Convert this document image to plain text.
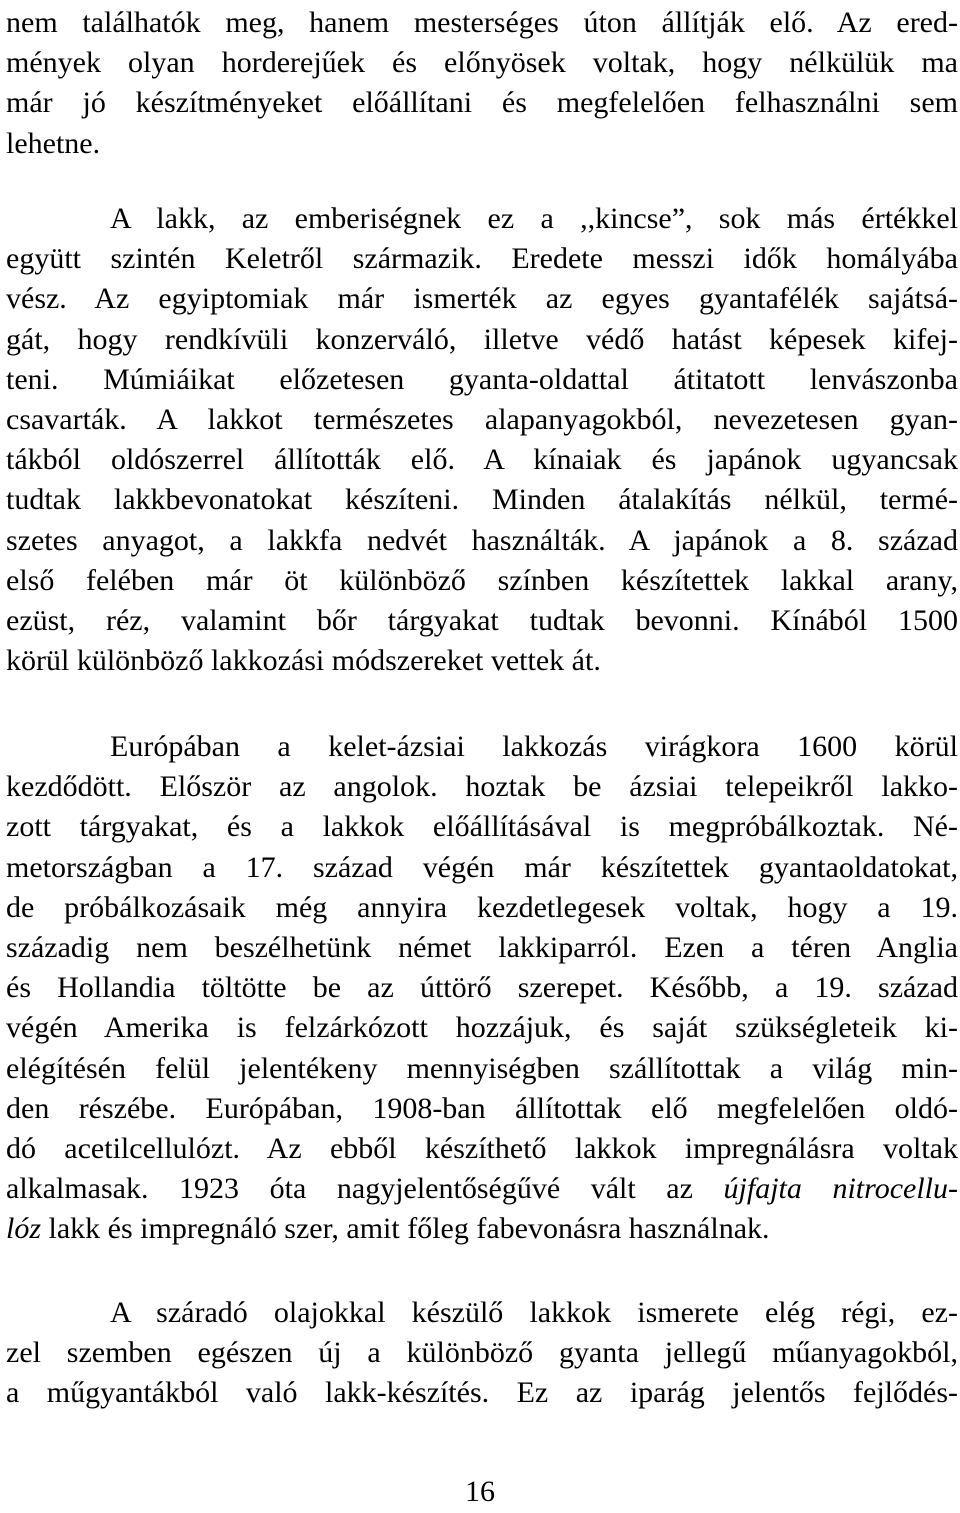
nem találhatók meg, hanem mesterséges úton állítják elő. Az ered-
mények olyan horderejűek és előnyösek voltak, hogy nélkülük ma
már jó készítményeket előállítani és megfelelően felhasználni sem
lehetne.
A lakk, az emberiségnek ez a ,,kincse”, sok más értékkel
együtt szintén Keletről származik. Eredete messzi idők homályába
vész. Az egyiptomiak már ismerték az egyes gyantafélék sajátsá-
gát, hogy rendkívüli konzerváló, illetve védő hatást képesek kifej-
teni. Múmiáikat előzetesen gyanta-oldattal átitatott lenvászonba
csavarták. A lakkot természetes alapanyagokból, nevezetesen gyan-
tákból oldószerrel állították elő. A kínaiak és japánok ugyancsak
tudtak lakkbevonatokat készíteni. Minden átalakítás nélkül, termé-
szetes anyagot, a lakkfa nedvét használták. A japánok a 8. század
első felében már öt különböző színben készítettek lakkal arany,
ezüst, réz, valamint bőr tárgyakat tudtak bevonni. Kínából 1500
körül különböző lakkozási módszereket vettek át.
Európában a kelet-ázsiai lakkozás virágkora 1600 körül
kezdődött. Először az angolok. hoztak be ázsiai telepeikről lakko-
zott tárgyakat, és a lakkok előállításával is megpróbálkoztak. Né-
metországban a 17. század végén már készítettek gyantaoldatokat,
de próbálkozásaik még annyira kezdetlegesek voltak, hogy a 19.
századig nem beszélhetünk német lakkiparról. Ezen a téren Anglia
és Hollandia töltötte be az úttörő szerepet. Később, a 19. század
végén Amerika is felzárkózott hozzájuk, és saját szükségleteik ki-
elégítésén felül jelentékeny mennyiségben szállítottak a világ min-
den részébe. Európában, 1908-ban állítottak elő megfelelően oldó-
dó acetilcellulózt. Az ebből készíthető lakkok impregnálásra voltak
alkalmasak. 1923 óta nagyjelentőségűvé vált az újfajta nitrocellu-
lóz lakk és impregnáló szer, amit főleg fabevonásra használnak.
A száradó olajokkal készülő lakkok ismerete elég régi, ez-
zel szemben egészen új a különböző gyanta jellegű műanyagokból,
a műgyantákból való lakk-készítés. Ez az iparág jelentős fejlődés-
16
